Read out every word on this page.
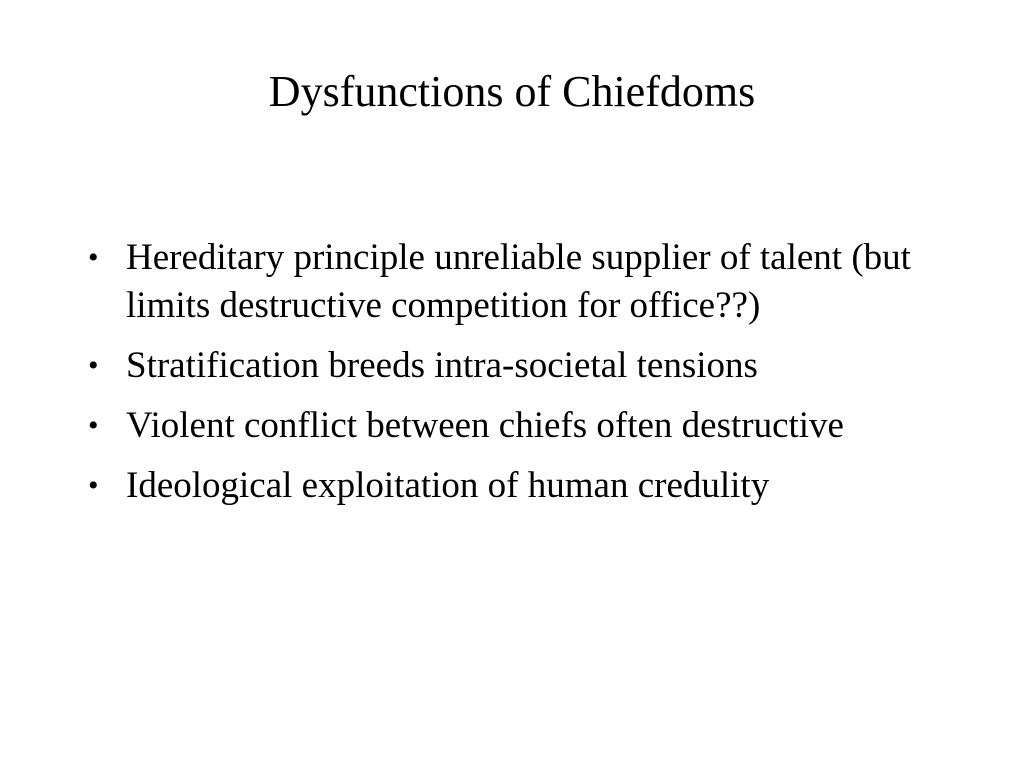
Dysfunctions of Chiefdoms
• Hereditary principle unreliable supplier of talent (but limits destructive competition for office??)
• Stratification breeds intra-societal tensions
• Violent conflict between chiefs often destructive
• Ideological exploitation of human credulity
